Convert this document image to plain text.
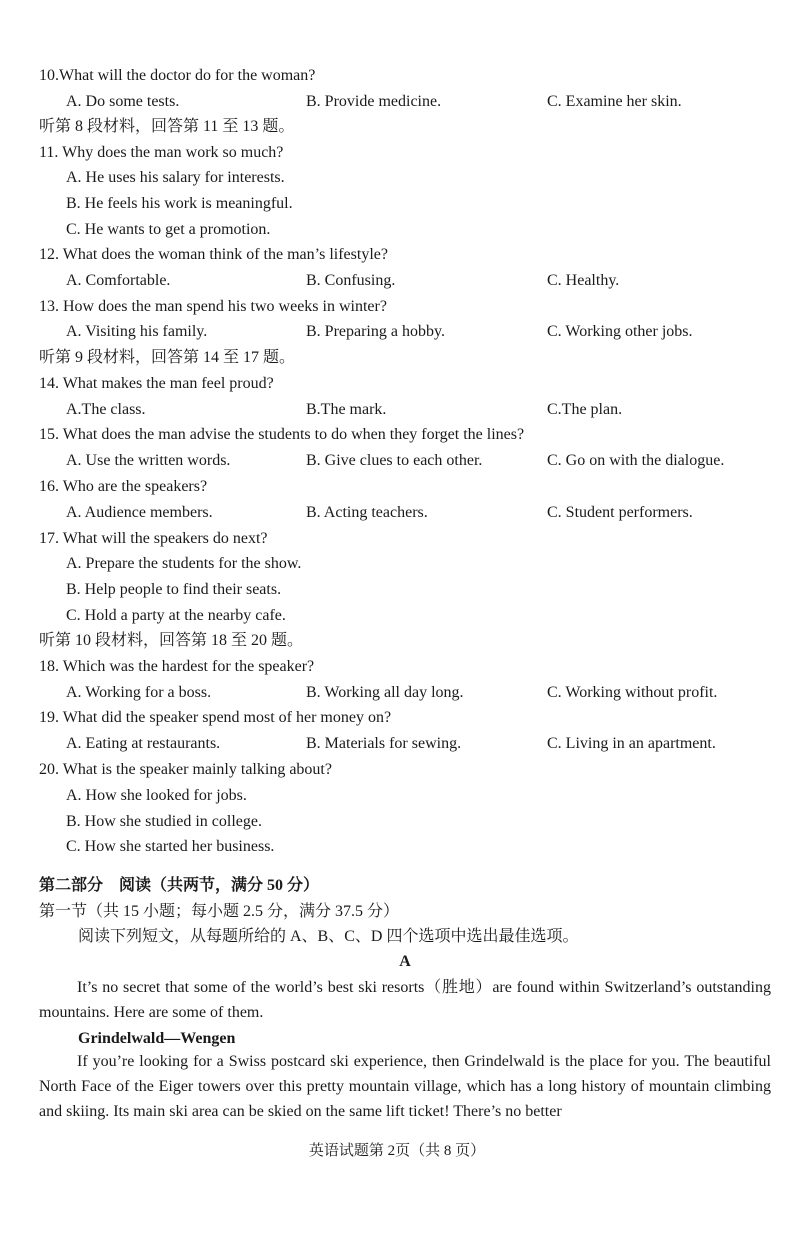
10.What will the doctor do for the woman?
A. Do some tests.	B. Provide medicine.	C. Examine her skin.
听第 8 段材料，回答第 11 至 13 题。
11. Why does the man work so much?
A. He uses his salary for interests.
B. He feels his work is meaningful.
C. He wants to get a promotion.
12. What does the woman think of the man’s lifestyle?
A. Comfortable.	B. Confusing.	C. Healthy.
13. How does the man spend his two weeks in winter?
A. Visiting his family.	B. Preparing a hobby.	C. Working other jobs.
听第 9 段材料，回答第 14 至 17 题。
14. What makes the man feel proud?
A.The class.	B.The mark.	C.The plan.
15. What does the man advise the students to do when they forget the lines?
A. Use the written words.	B. Give clues to each other.	C. Go on with the dialogue.
16. Who are the speakers?
A. Audience members.	B. Acting teachers.	C. Student performers.
17. What will the speakers do next?
A. Prepare the students for the show.
B. Help people to find their seats.
C. Hold a party at the nearby cafe.
听第 10 段材料，回答第 18 至 20 题。
18. Which was the hardest for the speaker?
A. Working for a boss.	B. Working all day long.	C. Working without profit.
19. What did the speaker spend most of her money on?
A. Eating at restaurants.	B. Materials for sewing.	C. Living in an apartment.
20. What is the speaker mainly talking about?
A. How she looked for jobs.
B. How she studied in college.
C. How she started her business.
第二部分　阅读（共两节，满分 50 分）
第一节（共 15 小题；每小题 2.5 分，满分 37.5 分）
阅读下列短文，从每题所给的 A、B、C、D 四个选项中选出最佳选项。
A
It’s no secret that some of the world’s best ski resorts（胜地）are found within Switzerland’s outstanding mountains. Here are some of them.
Grindelwald—Wengen
If you’re looking for a Swiss postcard ski experience, then Grindelwald is the place for you. The beautiful North Face of the Eiger towers over this pretty mountain village, which has a long history of mountain climbing and skiing. Its main ski area can be skied on the same lift ticket! There’s no better
英语试题第 2页（共 8 页）
